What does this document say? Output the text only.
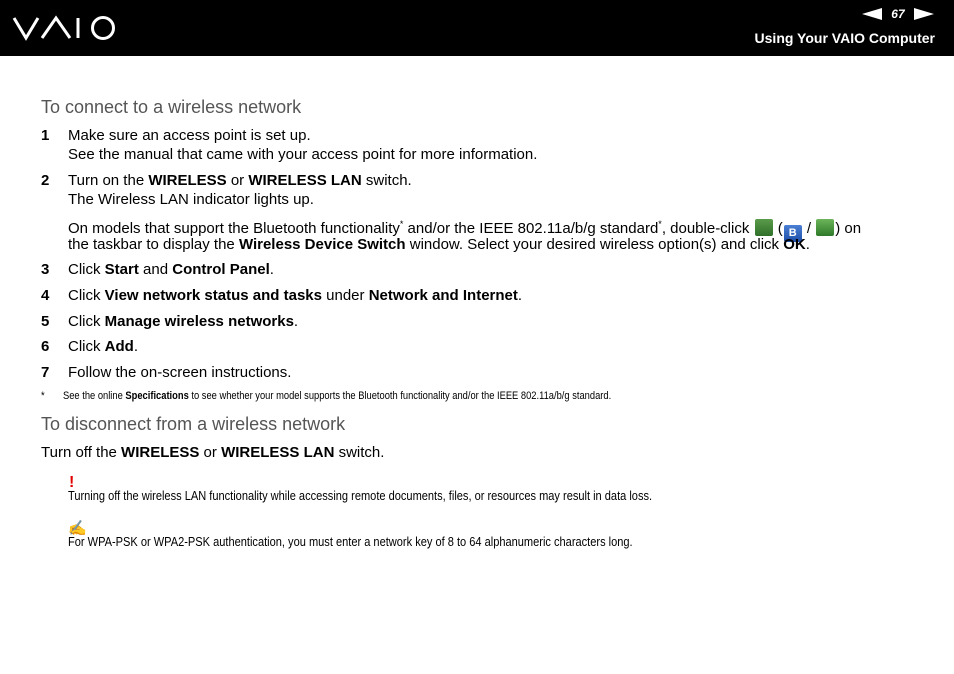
67
Using Your VAIO Computer
To connect to a wireless network
1 Make sure an access point is set up.
See the manual that came with your access point for more information.
2 Turn on the WIRELESS or WIRELESS LAN switch.
The Wireless LAN indicator lights up.
On models that support the Bluetooth functionality* and/or the IEEE 802.11a/b/g standard*, double-click  ( B / ) on
the taskbar to display the Wireless Device Switch window. Select your desired wireless option(s) and click OK.
3 Click Start and Control Panel.
4 Click View network status and tasks under Network and Internet.
5 Click Manage wireless networks.
6 Click Add.
7 Follow the on-screen instructions.
* See the online Specifications to see whether your model supports the Bluetooth functionality and/or the IEEE 802.11a/b/g standard.
To disconnect from a wireless network
Turn off the WIRELESS or WIRELESS LAN switch.
!
Turning off the wireless LAN functionality while accessing remote documents, files, or resources may result in data loss.
✍
For WPA-PSK or WPA2-PSK authentication, you must enter a network key of 8 to 64 alphanumeric characters long.
